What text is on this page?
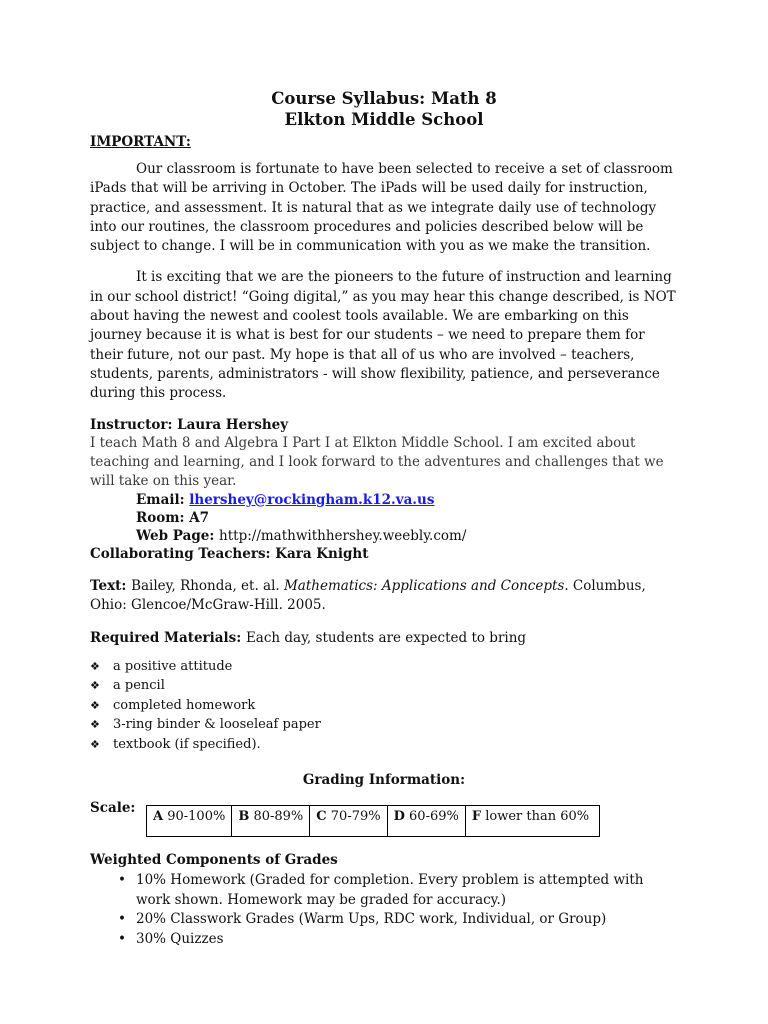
Course Syllabus: Math 8
Elkton Middle School
IMPORTANT:

Our classroom is fortunate to have been selected to receive a set of classroom iPads that will be arriving in October. The iPads will be used daily for instruction, practice, and assessment. It is natural that as we integrate daily use of technology into our routines, the classroom procedures and policies described below will be subject to change. I will be in communication with you as we make the transition.

It is exciting that we are the pioneers to the future of instruction and learning in our school district! “Going digital,” as you may hear this change described, is NOT about having the newest and coolest tools available. We are embarking on this journey because it is what is best for our students – we need to prepare them for their future, not our past. My hope is that all of us who are involved – teachers, students, parents, administrators - will show flexibility, patience, and perseverance during this process.

Instructor: Laura Hershey
I teach Math 8 and Algebra I Part I at Elkton Middle School. I am excited about teaching and learning, and I look forward to the adventures and challenges that we will take on this year.
Email: lhershey@rockingham.k12.va.us
Room: A7
Web Page: http://mathwithhershey.weebly.com/
Collaborating Teachers: Kara Knight
Text: Bailey, Rhonda, et. al. Mathematics: Applications and Concepts. Columbus, Ohio: Glencoe/McGraw-Hill. 2005.
Required Materials: Each day, students are expected to bring
❖ a positive attitude
❖ a pencil
❖ completed homework
❖ 3-ring binder & looseleaf paper
❖ textbook (if specified).
Grading Information:
Scale:	A 90-100%	B 80-89%	C 70-79%	D 60-69%	F lower than 60%
Weighted Components of Grades
• 10% Homework (Graded for completion. Every problem is attempted with work shown. Homework may be graded for accuracy.)
• 20% Classwork Grades (Warm Ups, RDC work, Individual, or Group)
• 30% Quizzes
